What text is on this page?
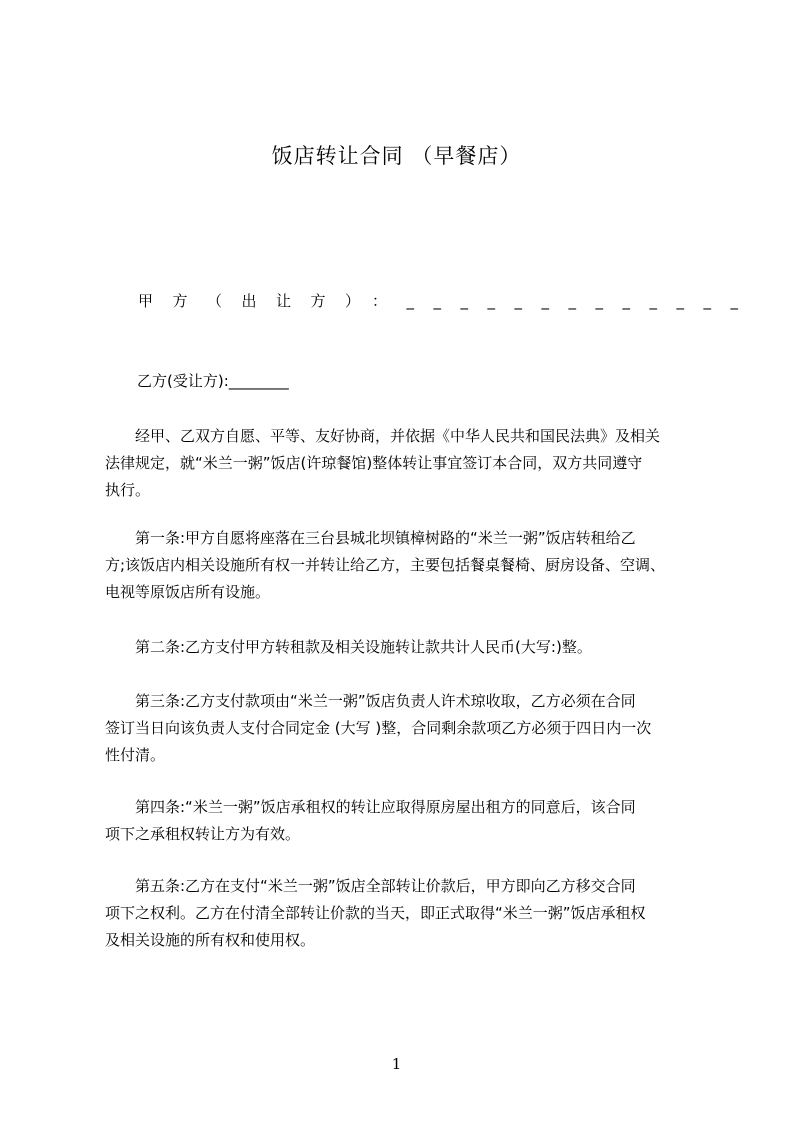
饭店转让合同 （早餐店）
甲方（出让方）：_____________
乙方(受让方):________
　　经甲、乙双方自愿、平等、友好协商，并依据《中华人民共和国民法典》及相关
法律规定，就“米兰一粥”饭店(许琼餐馆)整体转让事宜签订本合同，双方共同遵守
执行。
　　第一条:甲方自愿将座落在三台县城北坝镇樟树路的“米兰一粥”饭店转租给乙
方;该饭店内相关设施所有权一并转让给乙方，主要包括餐桌餐椅、厨房设备、空调、
电视等原饭店所有设施。
　　第二条:乙方支付甲方转租款及相关设施转让款共计人民币(大写:)整。
　　第三条:乙方支付款项由“米兰一粥”饭店负责人许术琼收取，乙方必须在合同
签订当日向该负责人支付合同定金 (大写 )整，合同剩余款项乙方必须于四日内一次
性付清。
　　第四条:“米兰一粥”饭店承租权的转让应取得原房屋出租方的同意后，该合同
项下之承租权转让方为有效。
　　第五条:乙方在支付“米兰一粥”饭店全部转让价款后，甲方即向乙方移交合同
项下之权利。乙方在付清全部转让价款的当天，即正式取得“米兰一粥”饭店承租权
及相关设施的所有权和使用权。
1
